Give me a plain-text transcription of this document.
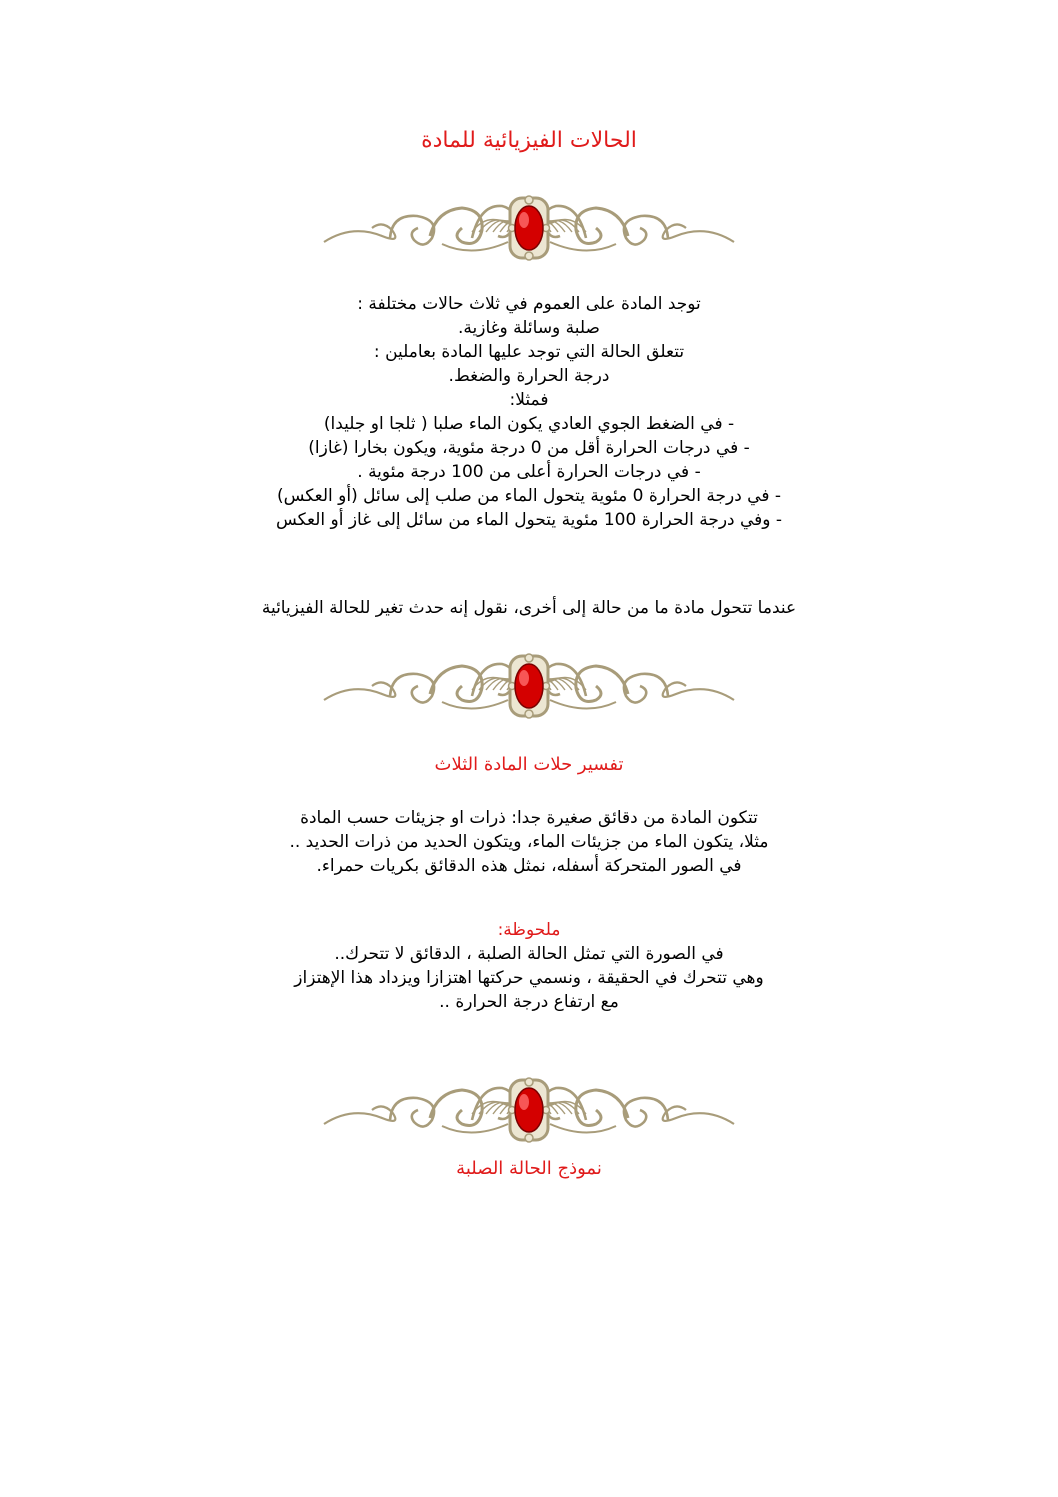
الحالات الفيزيائية للمادة

: توجد المادة على العموم في ثلاث حالات مختلفة

.صلبة وسائلة وغازية

: تتعلق الحالة التي توجد عليها المادة بعاملين

.درجة الحرارة والضغط

:فمثلا

(في الضغط الجوي العادي يكون الماء صلبا ( ثلجا او جليدا -

(في درجات الحرارة أقل من 0 درجة مئوية، ويكون بخارا (غازا -

. في درجات الحرارة أعلى من 100 درجة مئوية -

(في درجة الحرارة 0 مئوية يتحول الماء من صلب إلى سائل (أو العكس -

وفي درجة الحرارة 100 مئوية يتحول الماء من سائل إلى غاز أو العكس -

عندما تتحول مادة ما من حالة إلى أخرى، نقول إنه حدث تغير للحالة الفيزيائية

تفسير حلات المادة الثلاث

تتكون المادة من دقائق صغيرة جدا: ذرات او جزيئات حسب المادة

.. مثلا، يتكون الماء من جزيئات الماء، ويتكون الحديد من ذرات الحديد

.في الصور المتحركة أسفله، نمثل هذه الدقائق بكريات حمراء

:ملحوظة

..في الصورة التي تمثل الحالة الصلبة ، الدقائق لا تتحرك

وهي تتحرك في الحقيقة ، ونسمي حركتها اهتزازا ويزداد هذا الإهتزاز

.. مع ارتفاع درجة الحرارة

نموذج الحالة الصلبة
